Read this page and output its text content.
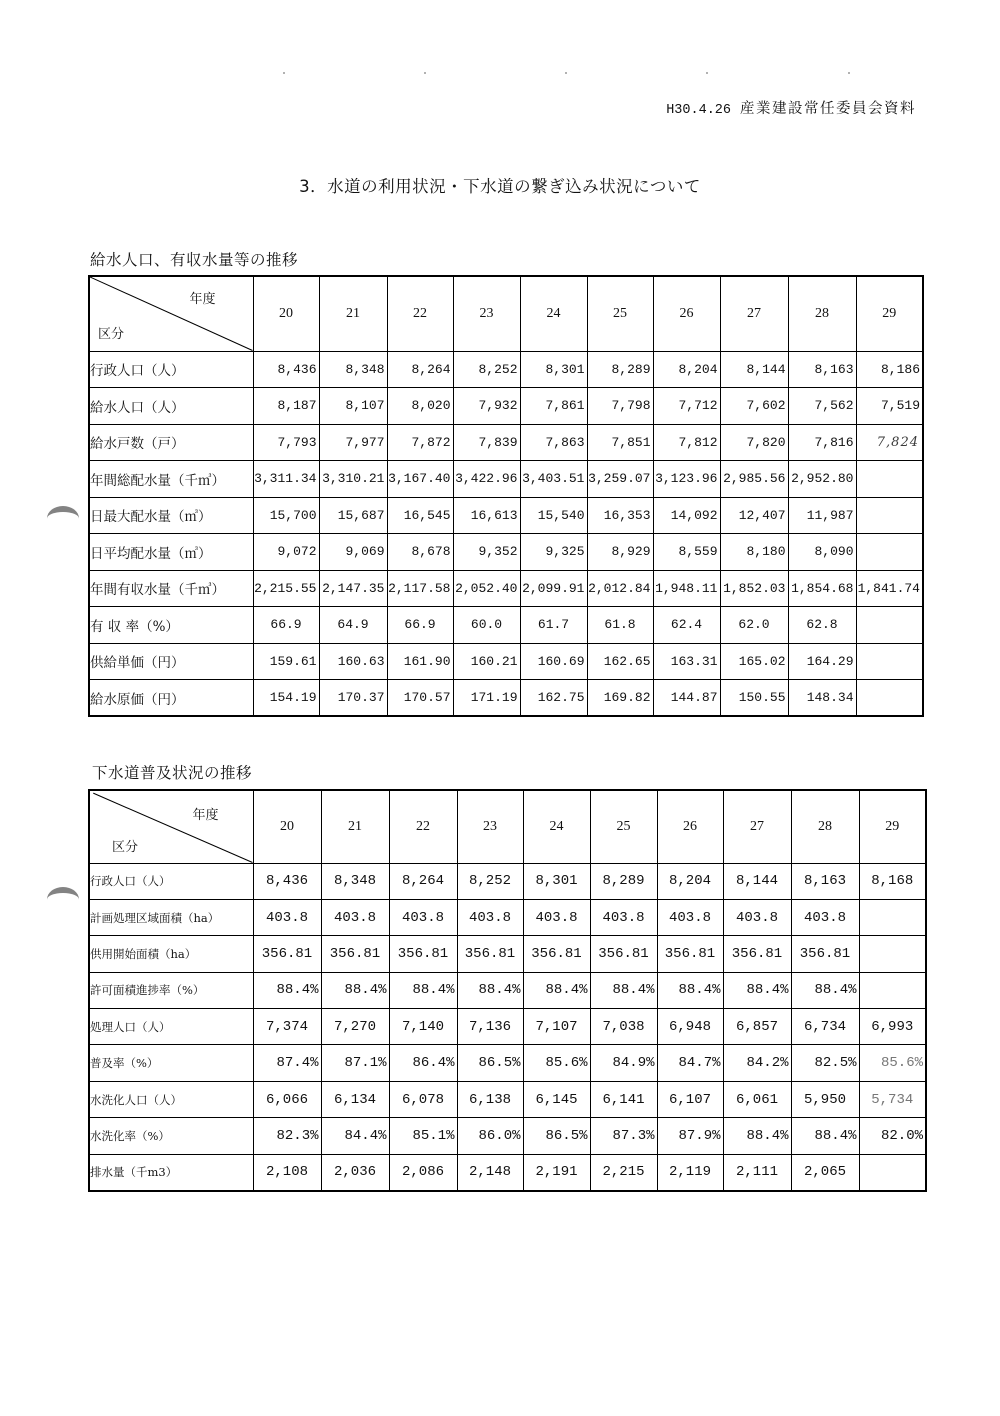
H30.4.26 産業建設常任委員会資料
3．水道の利用状況・下水道の繋ぎ込み状況について
給水人口、有収水量等の推移
年度
区分	20	21	22	23	24	25	26	27	28	29
行政人口（人）	8,436	8,348	8,264	8,252	8,301	8,289	8,204	8,144	8,163	8,186
給水人口（人）	8,187	8,107	8,020	7,932	7,861	7,798	7,712	7,602	7,562	7,519
給水戸数（戸）	7,793	7,977	7,872	7,839	7,863	7,851	7,812	7,820	7,816	7,824
年間総配水量（千㎥）	3,311.34	3,310.21	3,167.40	3,422.96	3,403.51	3,259.07	3,123.96	2,985.56	2,952.80	
日最大配水量（㎥）	15,700	15,687	16,545	16,613	15,540	16,353	14,092	12,407	11,987	
日平均配水量（㎥）	9,072	9,069	8,678	9,352	9,325	8,929	8,559	8,180	8,090	
年間有収水量（千㎥）	2,215.55	2,147.35	2,117.58	2,052.40	2,099.91	2,012.84	1,948.11	1,852.03	1,854.68	1,841.74
有 収 率（%）	66.9	64.9	66.9	60.0	61.7	61.8	62.4	62.0	62.8	
供給単価（円）	159.61	160.63	161.90	160.21	160.69	162.65	163.31	165.02	164.29	
給水原価（円）	154.19	170.37	170.57	171.19	162.75	169.82	144.87	150.55	148.34	
下水道普及状況の推移
年度
区分	20	21	22	23	24	25	26	27	28	29
行政人口（人）	8,436	8,348	8,264	8,252	8,301	8,289	8,204	8,144	8,163	8,168
計画処理区域面積（ha）	403.8	403.8	403.8	403.8	403.8	403.8	403.8	403.8	403.8	
供用開始面積（ha）	356.81	356.81	356.81	356.81	356.81	356.81	356.81	356.81	356.81	
許可面積進捗率（%）	88.4%	88.4%	88.4%	88.4%	88.4%	88.4%	88.4%	88.4%	88.4%	
処理人口（人）	7,374	7,270	7,140	7,136	7,107	7,038	6,948	6,857	6,734	6,993
普及率（%）	87.4%	87.1%	86.4%	86.5%	85.6%	84.9%	84.7%	84.2%	82.5%	85.6%
水洗化人口（人）	6,066	6,134	6,078	6,138	6,145	6,141	6,107	6,061	5,950	5,734
水洗化率（%）	82.3%	84.4%	85.1%	86.0%	86.5%	87.3%	87.9%	88.4%	88.4%	82.0%
排水量（千m3）	2,108	2,036	2,086	2,148	2,191	2,215	2,119	2,111	2,065	
